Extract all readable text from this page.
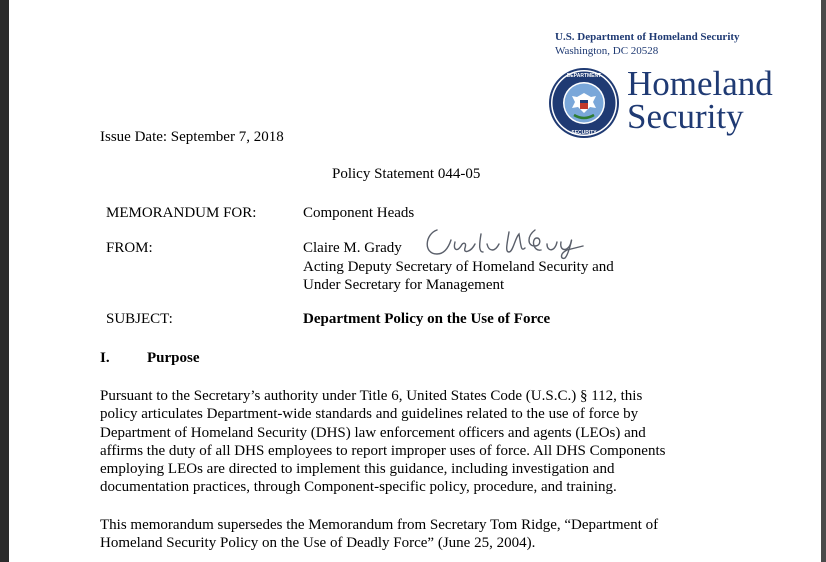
U.S. Department of Homeland Security
Washington, DC 20528
DEPARTMENT
SECURITY
Homeland
Security
Issue Date: September 7, 2018
Policy Statement 044-05
MEMORANDUM FOR:	Component Heads
FROM:	Claire M. Grady
Acting Deputy Secretary of Homeland Security and
Under Secretary for Management
SUBJECT:	Department Policy on the Use of Force
I. Purpose
Pursuant to the Secretary’s authority under Title 6, United States Code (U.S.C.) § 112, this
policy articulates Department-wide standards and guidelines related to the use of force by
Department of Homeland Security (DHS) law enforcement officers and agents (LEOs) and
affirms the duty of all DHS employees to report improper uses of force. All DHS Components
employing LEOs are directed to implement this guidance, including investigation and
documentation practices, through Component-specific policy, procedure, and training.
This memorandum supersedes the Memorandum from Secretary Tom Ridge, “Department of
Homeland Security Policy on the Use of Deadly Force” (June 25, 2004).
